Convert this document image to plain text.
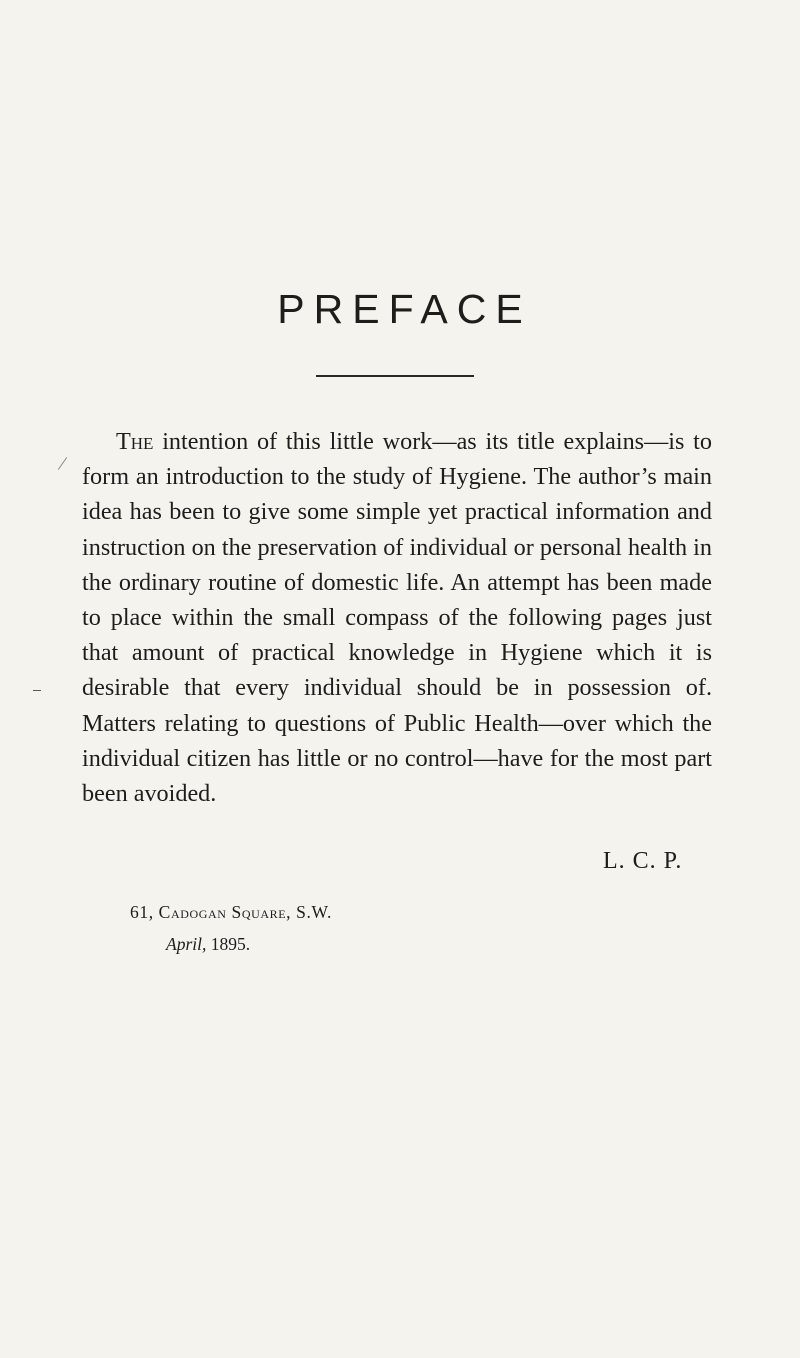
PREFACE

The intention of this little work—as its title explains—is to form an introduction to the study of Hygiene. The author’s main idea has been to give some simple yet practical information and instruction on the preservation of individual or personal health in the ordinary routine of domestic life. An attempt has been made to place within the small compass of the following pages just that amount of practical knowledge in Hygiene which it is desirable that every individual should be in possession of. Matters relating to questions of Public Health—over which the individual citizen has little or no control—have for the most part been avoided.

L. C. P.
61, Cadogan Square, S.W.
April, 1895.
